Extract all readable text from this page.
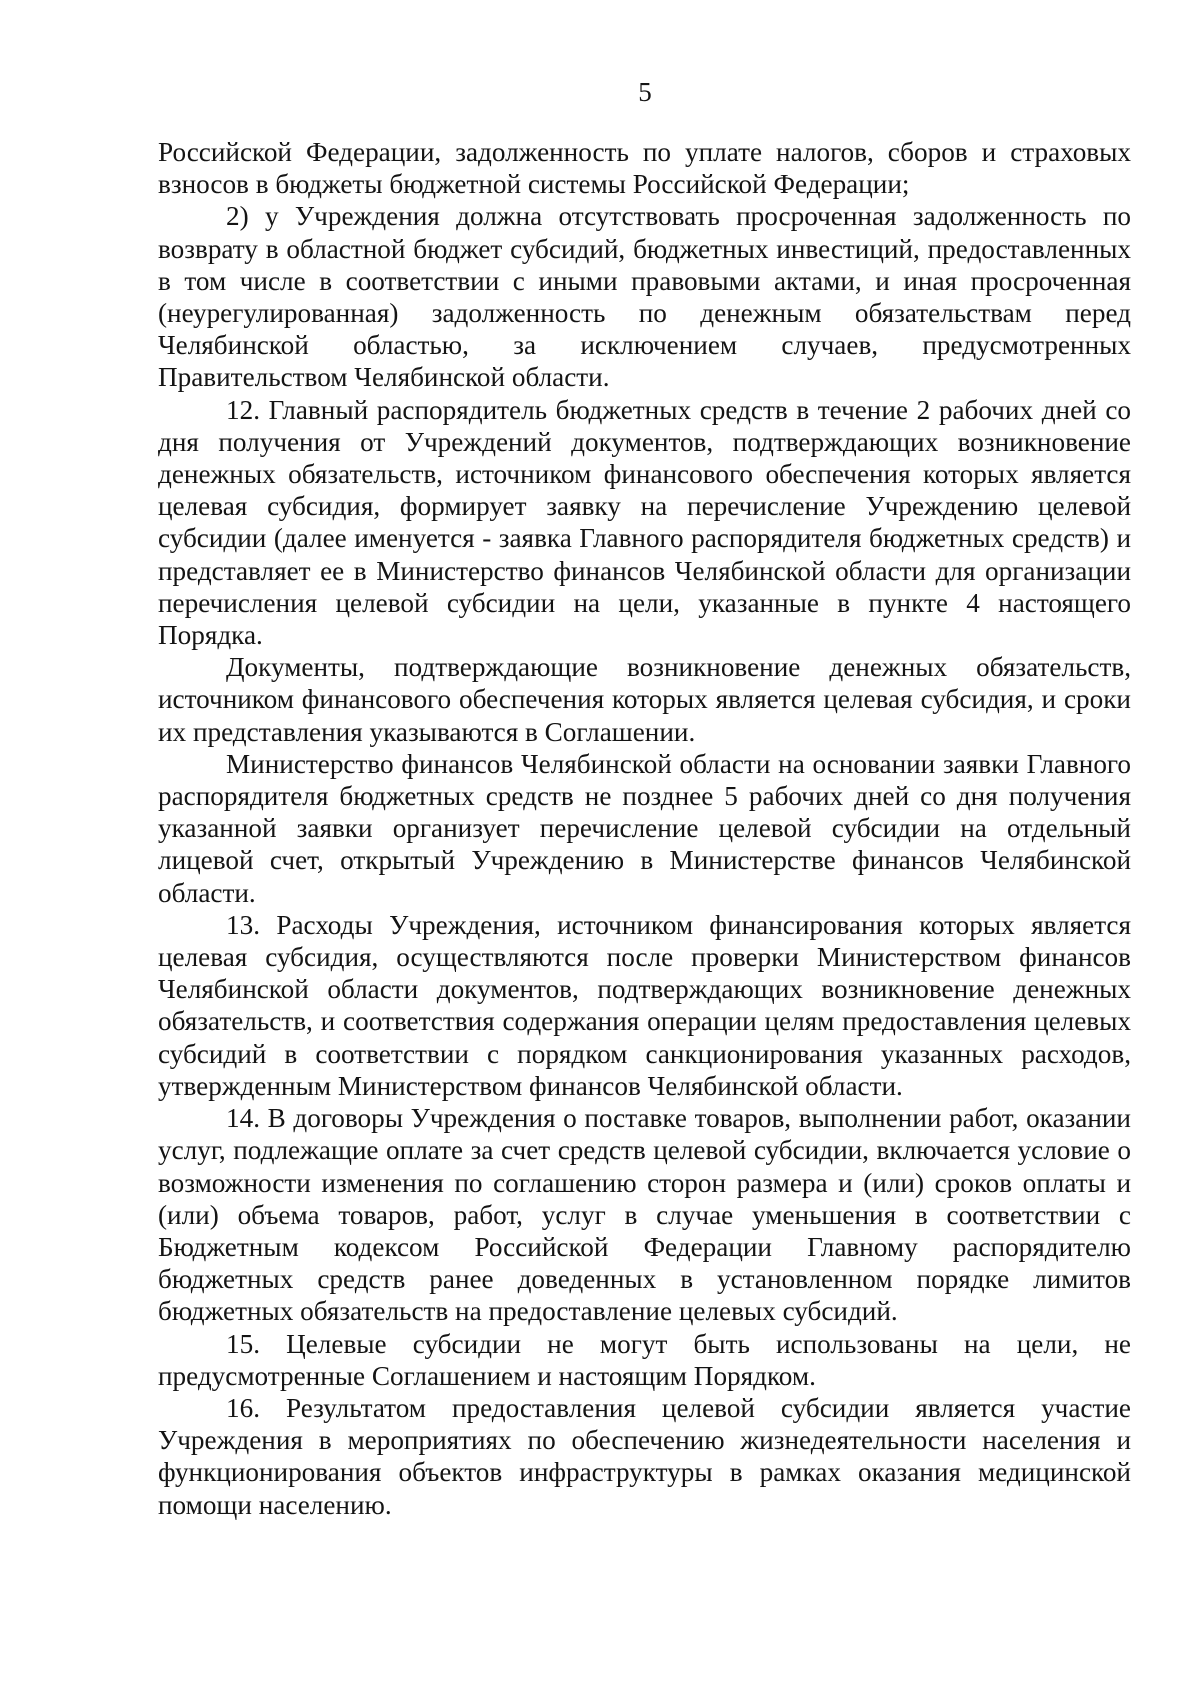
5

Российской Федерации, задолженность по уплате налогов, сборов и страховых взносов в бюджеты бюджетной системы Российской Федерации;

2) у Учреждения должна отсутствовать просроченная задолженность по возврату в областной бюджет субсидий, бюджетных инвестиций, предоставленных в том числе в соответствии с иными правовыми актами, и иная просроченная (неурегулированная) задолженность по денежным обязательствам перед Челябинской областью, за исключением случаев, предусмотренных Правительством Челябинской области.

12. Главный распорядитель бюджетных средств в течение 2 рабочих дней со дня получения от Учреждений документов, подтверждающих возникновение денежных обязательств, источником финансового обеспечения которых является целевая субсидия, формирует заявку на перечисление Учреждению целевой субсидии (далее именуется - заявка Главного распорядителя бюджетных средств) и представляет ее в Министерство финансов Челябинской области для организации перечисления целевой субсидии на цели, указанные в пункте 4 настоящего Порядка.

Документы, подтверждающие возникновение денежных обязательств, источником финансового обеспечения которых является целевая субсидия, и сроки их представления указываются в Соглашении.

Министерство финансов Челябинской области на основании заявки Главного распорядителя бюджетных средств не позднее 5 рабочих дней со дня получения указанной заявки организует перечисление целевой субсидии на отдельный лицевой счет, открытый Учреждению в Министерстве финансов Челябинской области.

13. Расходы Учреждения, источником финансирования которых является целевая субсидия, осуществляются после проверки Министерством финансов Челябинской области документов, подтверждающих возникновение денежных обязательств, и соответствия содержания операции целям предоставления целевых субсидий в соответствии с порядком санкционирования указанных расходов, утвержденным Министерством финансов Челябинской области.

14. В договоры Учреждения о поставке товаров, выполнении работ, оказании услуг, подлежащие оплате за счет средств целевой субсидии, включается условие о возможности изменения по соглашению сторон размера и (или) сроков оплаты и (или) объема товаров, работ, услуг в случае уменьшения в соответствии с Бюджетным кодексом Российской Федерации Главному распорядителю бюджетных средств ранее доведенных в установленном порядке лимитов бюджетных обязательств на предоставление целевых субсидий.

15. Целевые субсидии не могут быть использованы на цели, не предусмотренные Соглашением и настоящим Порядком.

16. Результатом предоставления целевой субсидии является участие Учреждения в мероприятиях по обеспечению жизнедеятельности населения и функционирования объектов инфраструктуры в рамках оказания медицинской помощи населению.
